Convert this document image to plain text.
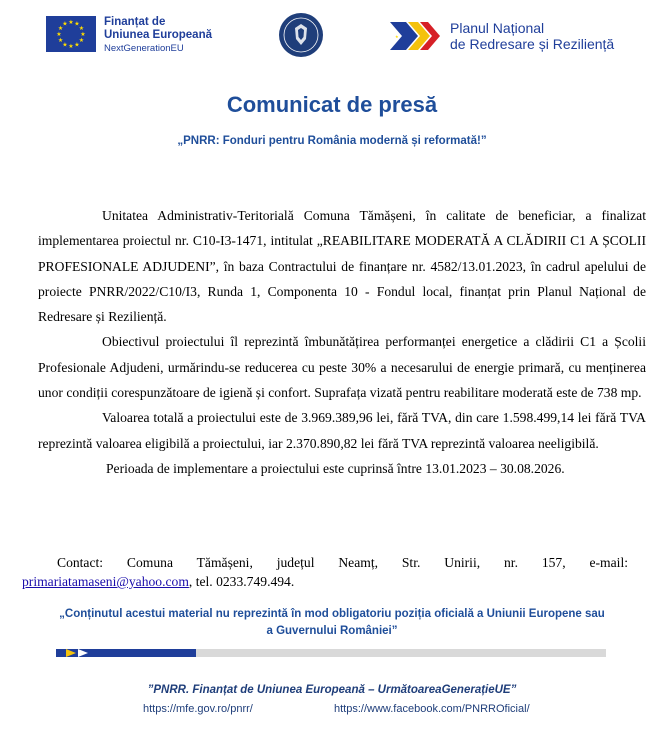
★ ★
★
★
★
★
★
★
★
★
★
★	Finanțat de
Uniunea Europeană
NextGenerationEU
★
Planul Național
de Redresare și Reziliență
Comunicat de presă
„PNRR: Fonduri pentru România modernă și reformată!”

Unitatea Administrativ-Teritorială Comuna Tămășeni, în calitate de beneficiar, a finalizat implementarea proiectul nr. C10-I3-1471, intitulat „REABILITARE MODERATĂ A CLĂDIRII C1 A ȘCOLII PROFESIONALE ADJUDENI”, în baza Contractului de finanțare nr. 4582/13.01.2023, în cadrul apelului de proiecte PNRR/2022/C10/I3, Runda 1, Componenta 10 - Fondul local, finanțat prin Planul Național de Redresare și Reziliență.

Obiectivul proiectului îl reprezintă îmbunătățirea performanței energetice a clădirii C1 a Școlii Profesionale Adjudeni, urmărindu-se reducerea cu peste 30% a necesarului de energie primară, cu menținerea unor condiții corespunzătoare de igienă și confort. Suprafața vizată pentru reabilitare moderată este de 738 mp.

Valoarea totală a proiectului este de 3.969.389,96 lei, fără TVA, din care 1.598.499,14 lei fără TVA reprezintă valoarea eligibilă a proiectului, iar 2.370.890,82 lei fără TVA reprezintă valoarea neeligibilă.

Perioada de implementare a proiectului este cuprinsă între 13.01.2023 – 30.08.2026.

Contact: Comuna Tămășeni, județul Neamț, Str. Unirii, nr. 157, e-mail:
primariatamaseni@yahoo.com, tel. 0233.749.494.
„Conținutul acestui material nu reprezintă în mod obligatoriu poziția oficială a Uniunii Europene sau
a Guvernului României”
”PNRR. Finanțat de Uniunea Europeană – UrmătoareaGenerațieUE”
https://mfe.gov.ro/pnrr/	https://www.facebook.com/PNRROficial/
